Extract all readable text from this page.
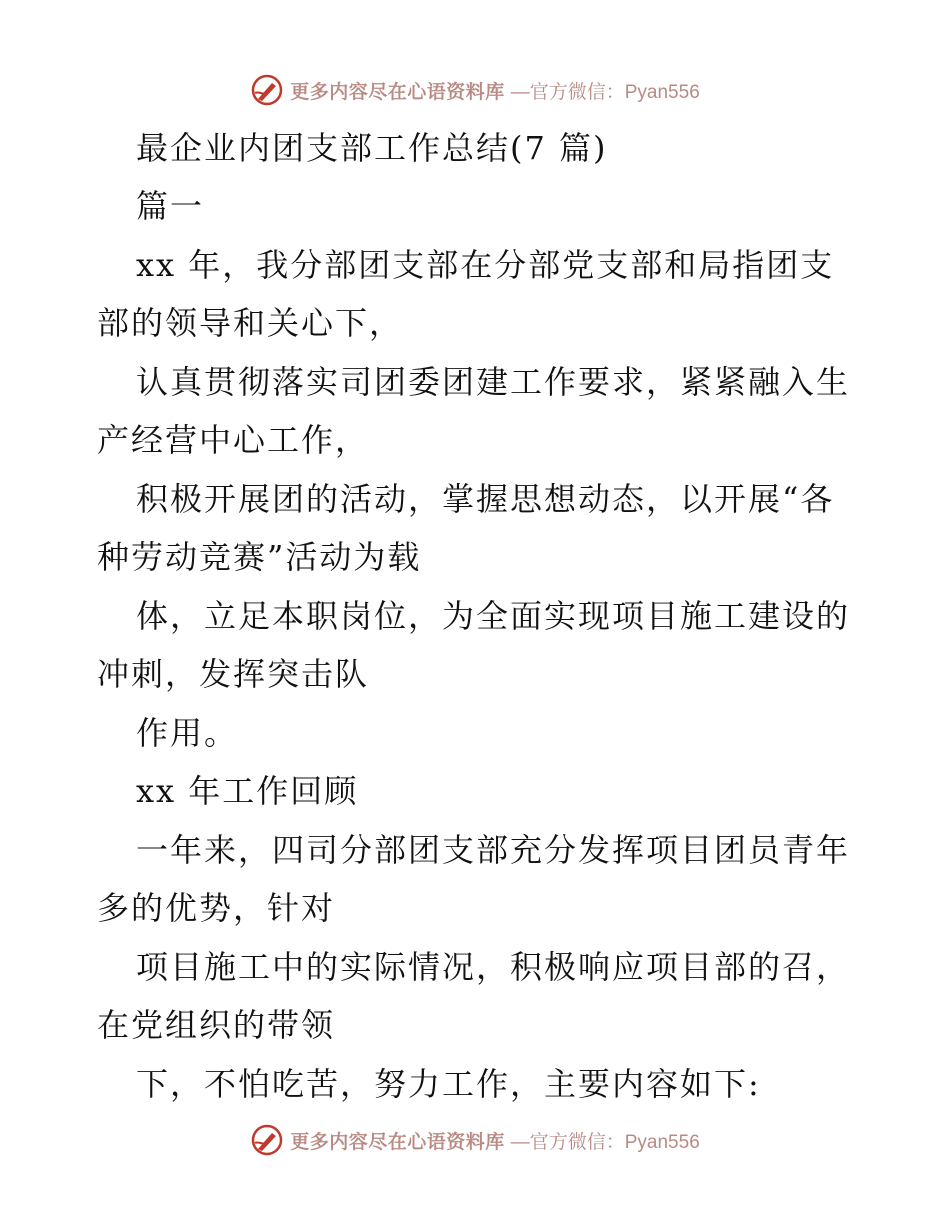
更多内容尽在心语资料库 —官方微信：Pyan556
最企业内团支部工作总结(7 篇)
篇一
xx 年，我分部团支部在分部党支部和局指团支
部的领导和关心下，
认真贯彻落实司团委团建工作要求，紧紧融入生
产经营中心工作，
积极开展团的活动，掌握思想动态，以开展“各
种劳动竞赛”活动为载
体，立足本职岗位，为全面实现项目施工建设的
冲刺，发挥突击队
作用。
xx 年工作回顾
一年来，四司分部团支部充分发挥项目团员青年
多的优势，针对
项目施工中的实际情况，积极响应项目部的召，
在党组织的带领
下，不怕吃苦，努力工作，主要内容如下:
更多内容尽在心语资料库 —官方微信：Pyan556
